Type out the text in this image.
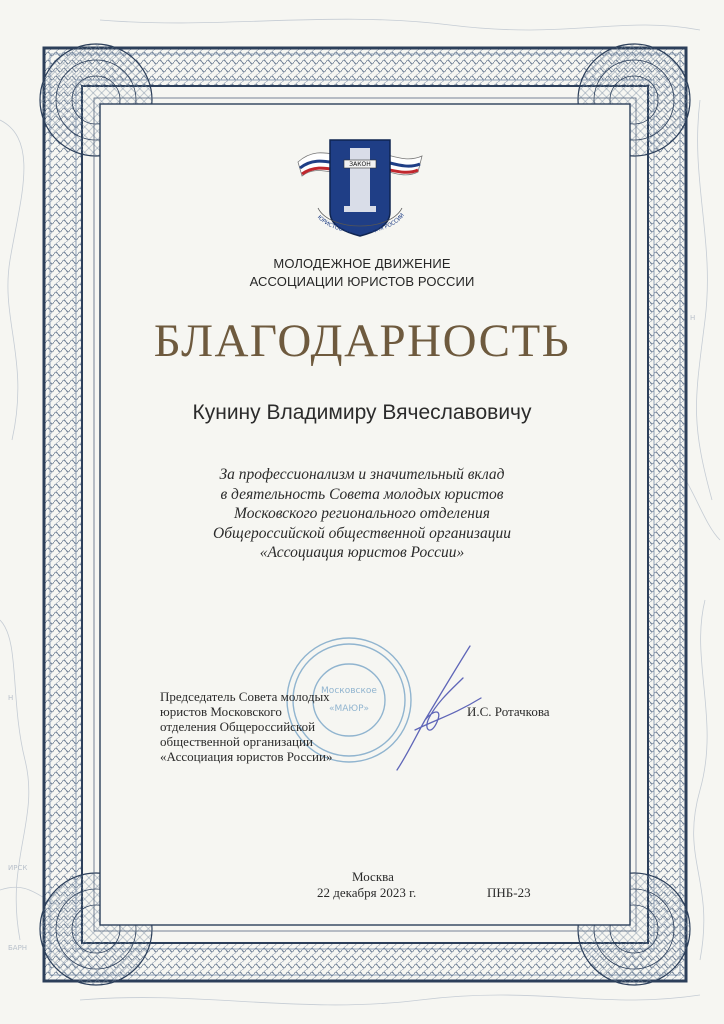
ИРСК
БАРН
Н
Н
ЗАКОН
ЮРИСТОВ АССОЦИАЦИЯ РОССИИ
МОЛОДЕЖНОЕ ДВИЖЕНИЕ
АССОЦИАЦИИ ЮРИСТОВ РОССИИ
БЛАГОДАРНОСТЬ
Кунину Владимиру Вячеславовичу
За профессионализм и значительный вклад
в деятельность Совета молодых юристов
Московского регионального отделения
Общероссийской общественной организации
«Ассоциация юристов России»
Московское
«МАЮР»
Председатель Совета молодых
юристов Московского
отделения Общероссийской
общественной организации
«Ассоциация юристов России»
И.С. Ротачкова
Москва
22 декабря 2023 г.	ПНБ-23
